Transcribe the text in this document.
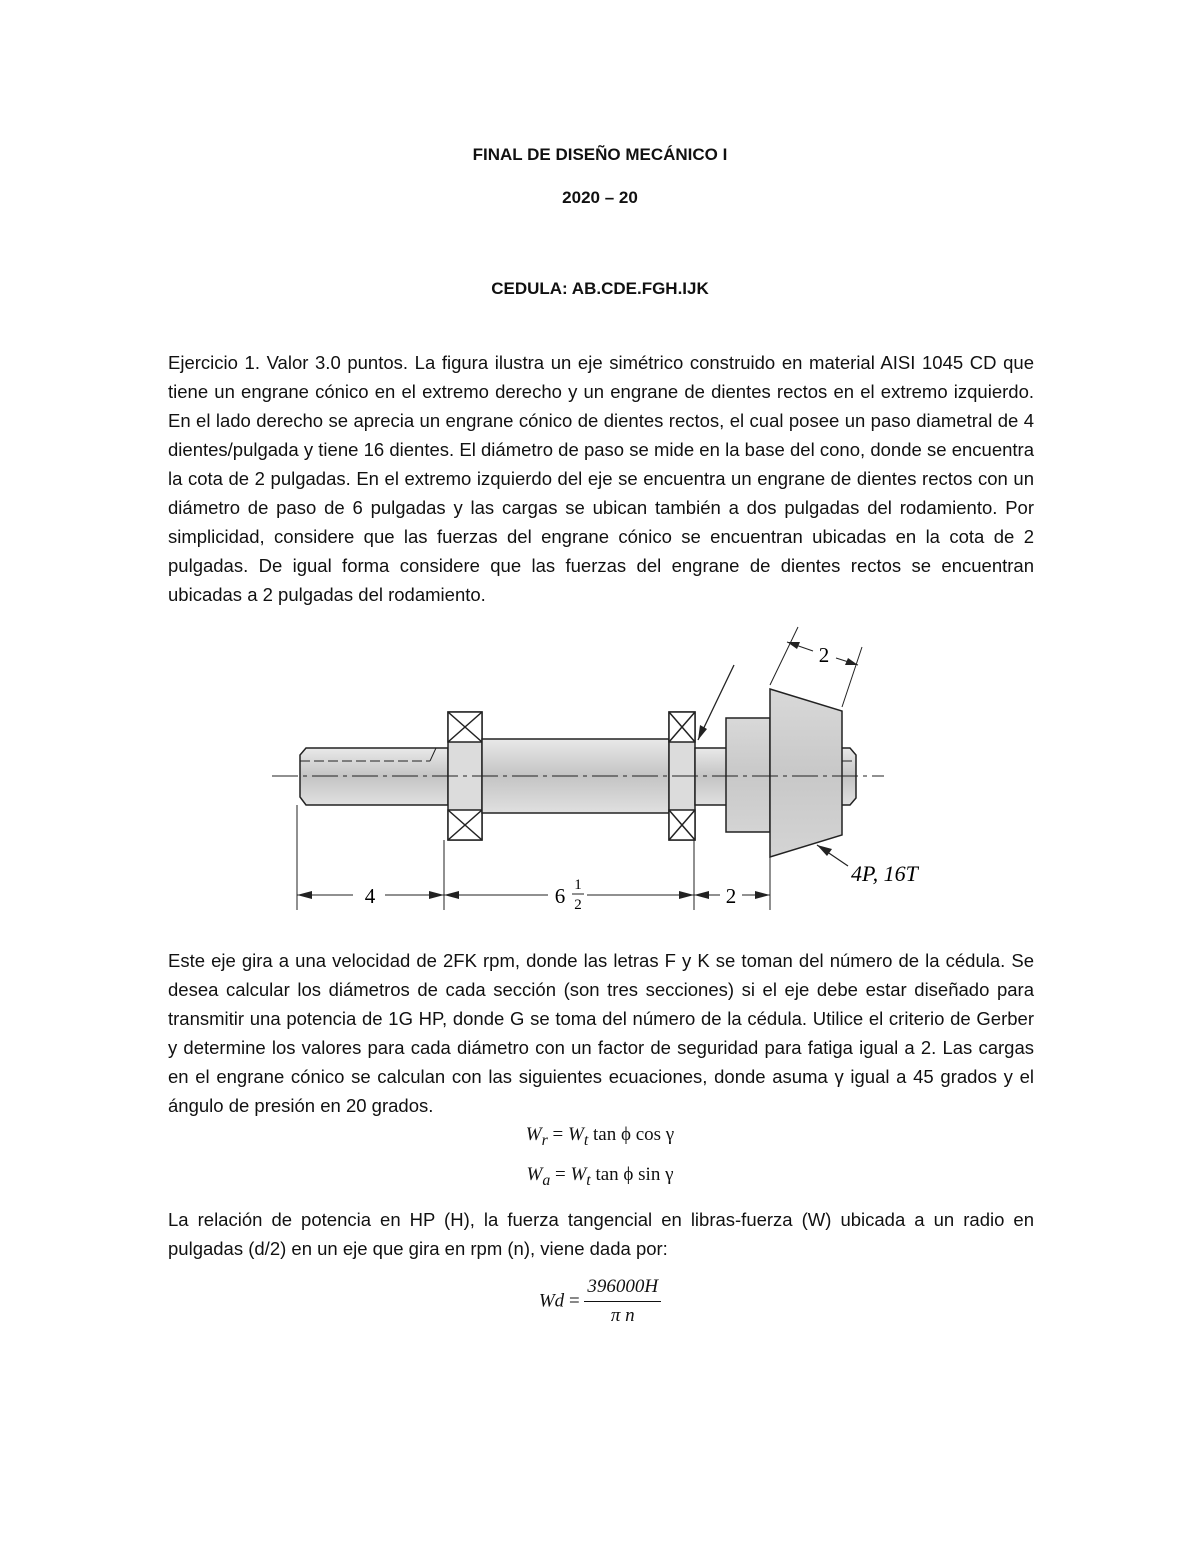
FINAL DE DISEÑO MECÁNICO I
2020 – 20
CEDULA: AB.CDE.FGH.IJK

Ejercicio 1. Valor 3.0 puntos. La figura ilustra un eje simétrico construido en material AISI 1045 CD que tiene un engrane cónico en el extremo derecho y un engrane de dientes rectos en el extremo izquierdo. En el lado derecho se aprecia un engrane cónico de dientes rectos, el cual posee un paso diametral de 4 dientes/pulgada y tiene 16 dientes. El diámetro de paso se mide en la base del cono, donde se encuentra la cota de 2 pulgadas. En el extremo izquierdo del eje se encuentra un engrane de dientes rectos con un diámetro de paso de 6 pulgadas y las cargas se ubican también a dos pulgadas del rodamiento. Por simplicidad, considere que las fuerzas del engrane cónico se encuentran ubicadas en la cota de 2 pulgadas. De igual forma considere que las fuerzas del engrane de dientes rectos se encuentran ubicadas a 2 pulgadas del rodamiento.

2
4P, 16T
4	6 1
2	2

Este eje gira a una velocidad de 2FK rpm, donde las letras F y K se toman del número de la cédula. Se desea calcular los diámetros de cada sección (son tres secciones) si el eje debe estar diseñado para transmitir una potencia de 1G HP, donde G se toma del número de la cédula. Utilice el criterio de Gerber y determine los valores para cada diámetro con un factor de seguridad para fatiga igual a 2. Las cargas en el engrane cónico se calculan con las siguientes ecuaciones, donde asuma γ igual a 45 grados y el ángulo de presión en 20 grados.

$W_r = W_t$ tan ϕ cos γ
$W_a = W_t$ tan ϕ sin γ

La relación de potencia en HP (H), la fuerza tangencial en libras-fuerza (W) ubicada a un radio en pulgadas (d/2) en un eje que gira en rpm (n), viene dada por:

$Wd = \frac{396000H}{\text{π n}}$
